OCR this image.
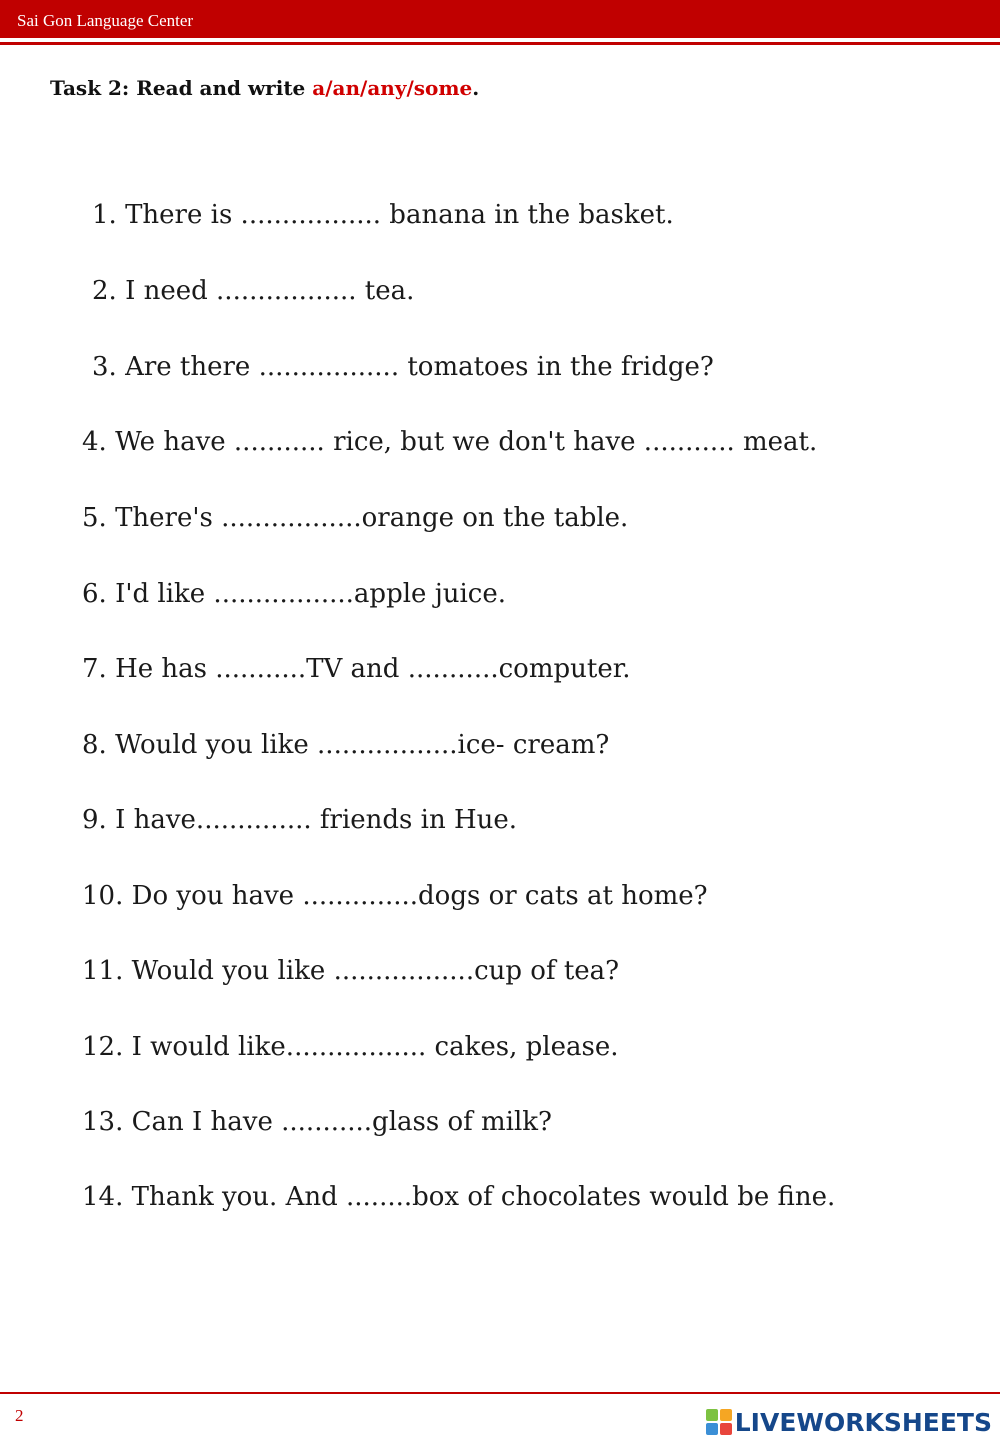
Sai Gon Language Center
Task 2: Read and write a/an/any/some.
1. There is ................. banana in the basket.
2. I need ................. tea.
3. Are there ................. tomatoes in the fridge?
4. We have ........... rice, but we don't have ........... meat.
5. There's .................orange on the table.
6. I'd like .................apple juice.
7. He has ...........TV and ...........computer.
8. Would you like .................ice- cream?
9. I have.............. friends in Hue.
10. Do you have ..............dogs or cats at home?
11. Would you like .................cup of tea?
12. I would like................. cakes, please.
13. Can I have ...........glass of milk?
14. Thank you. And ........box of chocolates would be fine.
2	LIVEWORKSHEETS
